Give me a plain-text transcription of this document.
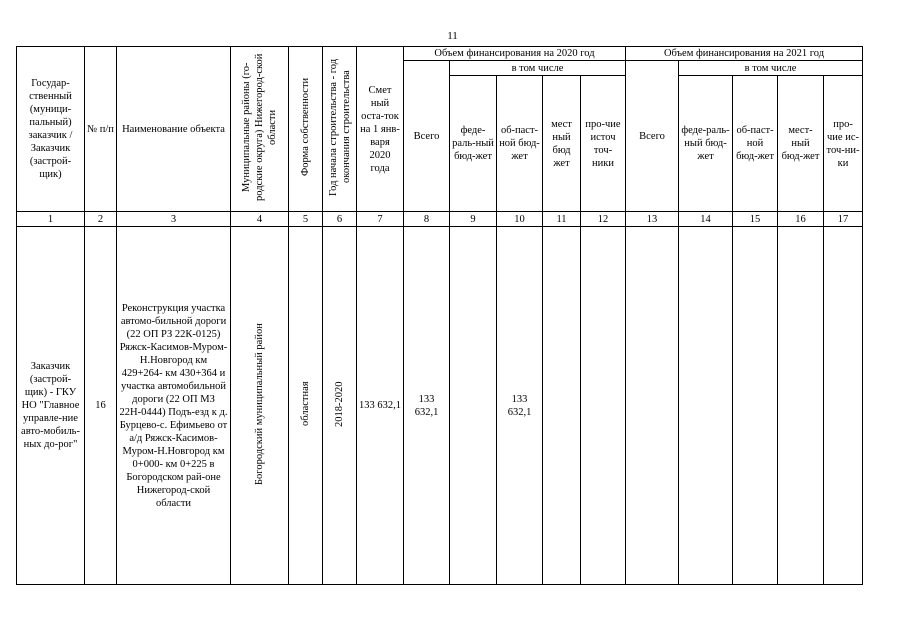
11
Государ-ственный (муници-пальный) заказчик / Заказчик (застрой-щик)	№ п/п	Наименование объекта	Муниципальные районы (го-родские округа) Нижегород-ской области	Форма собственности	Год начала строительства - год окончания строительства	Смет ный оста-ток на 1 янв-варя 2020 года	Объем финансирования на 2020 год					Объем финансирования на 2021 год				
							Всего	в том числе				Всего	в том числе			
								феде-раль-ный бюд-жет	об-паст-ной бюд-жет	мест ный бюд жет	про-чие источ точ-ники		феде-раль-ный бюд-жет	об-паст-ной бюд-жет	мест-ный бюд-жет	про-чие ис-точ-ни-ки
1	2	3	4	5	6	7	8	9	10	11	12	13	14	15	16	17
Заказчик (застрой-щик) - ГКУ НО "Главное управле-ние авто-мобиль-ных до-рог"	16	Реконструкция участка автомо-бильной дороги (22 ОП РЗ 22К-0125) Ряжск-Касимов-Муром-Н.Новгород км 429+264- км 430+364 и участка автомобильной дороги (22 ОП МЗ 22Н-0444) Подъ-езд к д. Бурцево-с. Ефимьево от а/д Ряжск-Касимов-Муром-Н.Новгород км 0+000- км 0+225 в Богородском рай-оне Нижегород-ской области	Богородский муниципальный район	областная	2018-2020	133 632,1	133 632,1		133 632,1							
